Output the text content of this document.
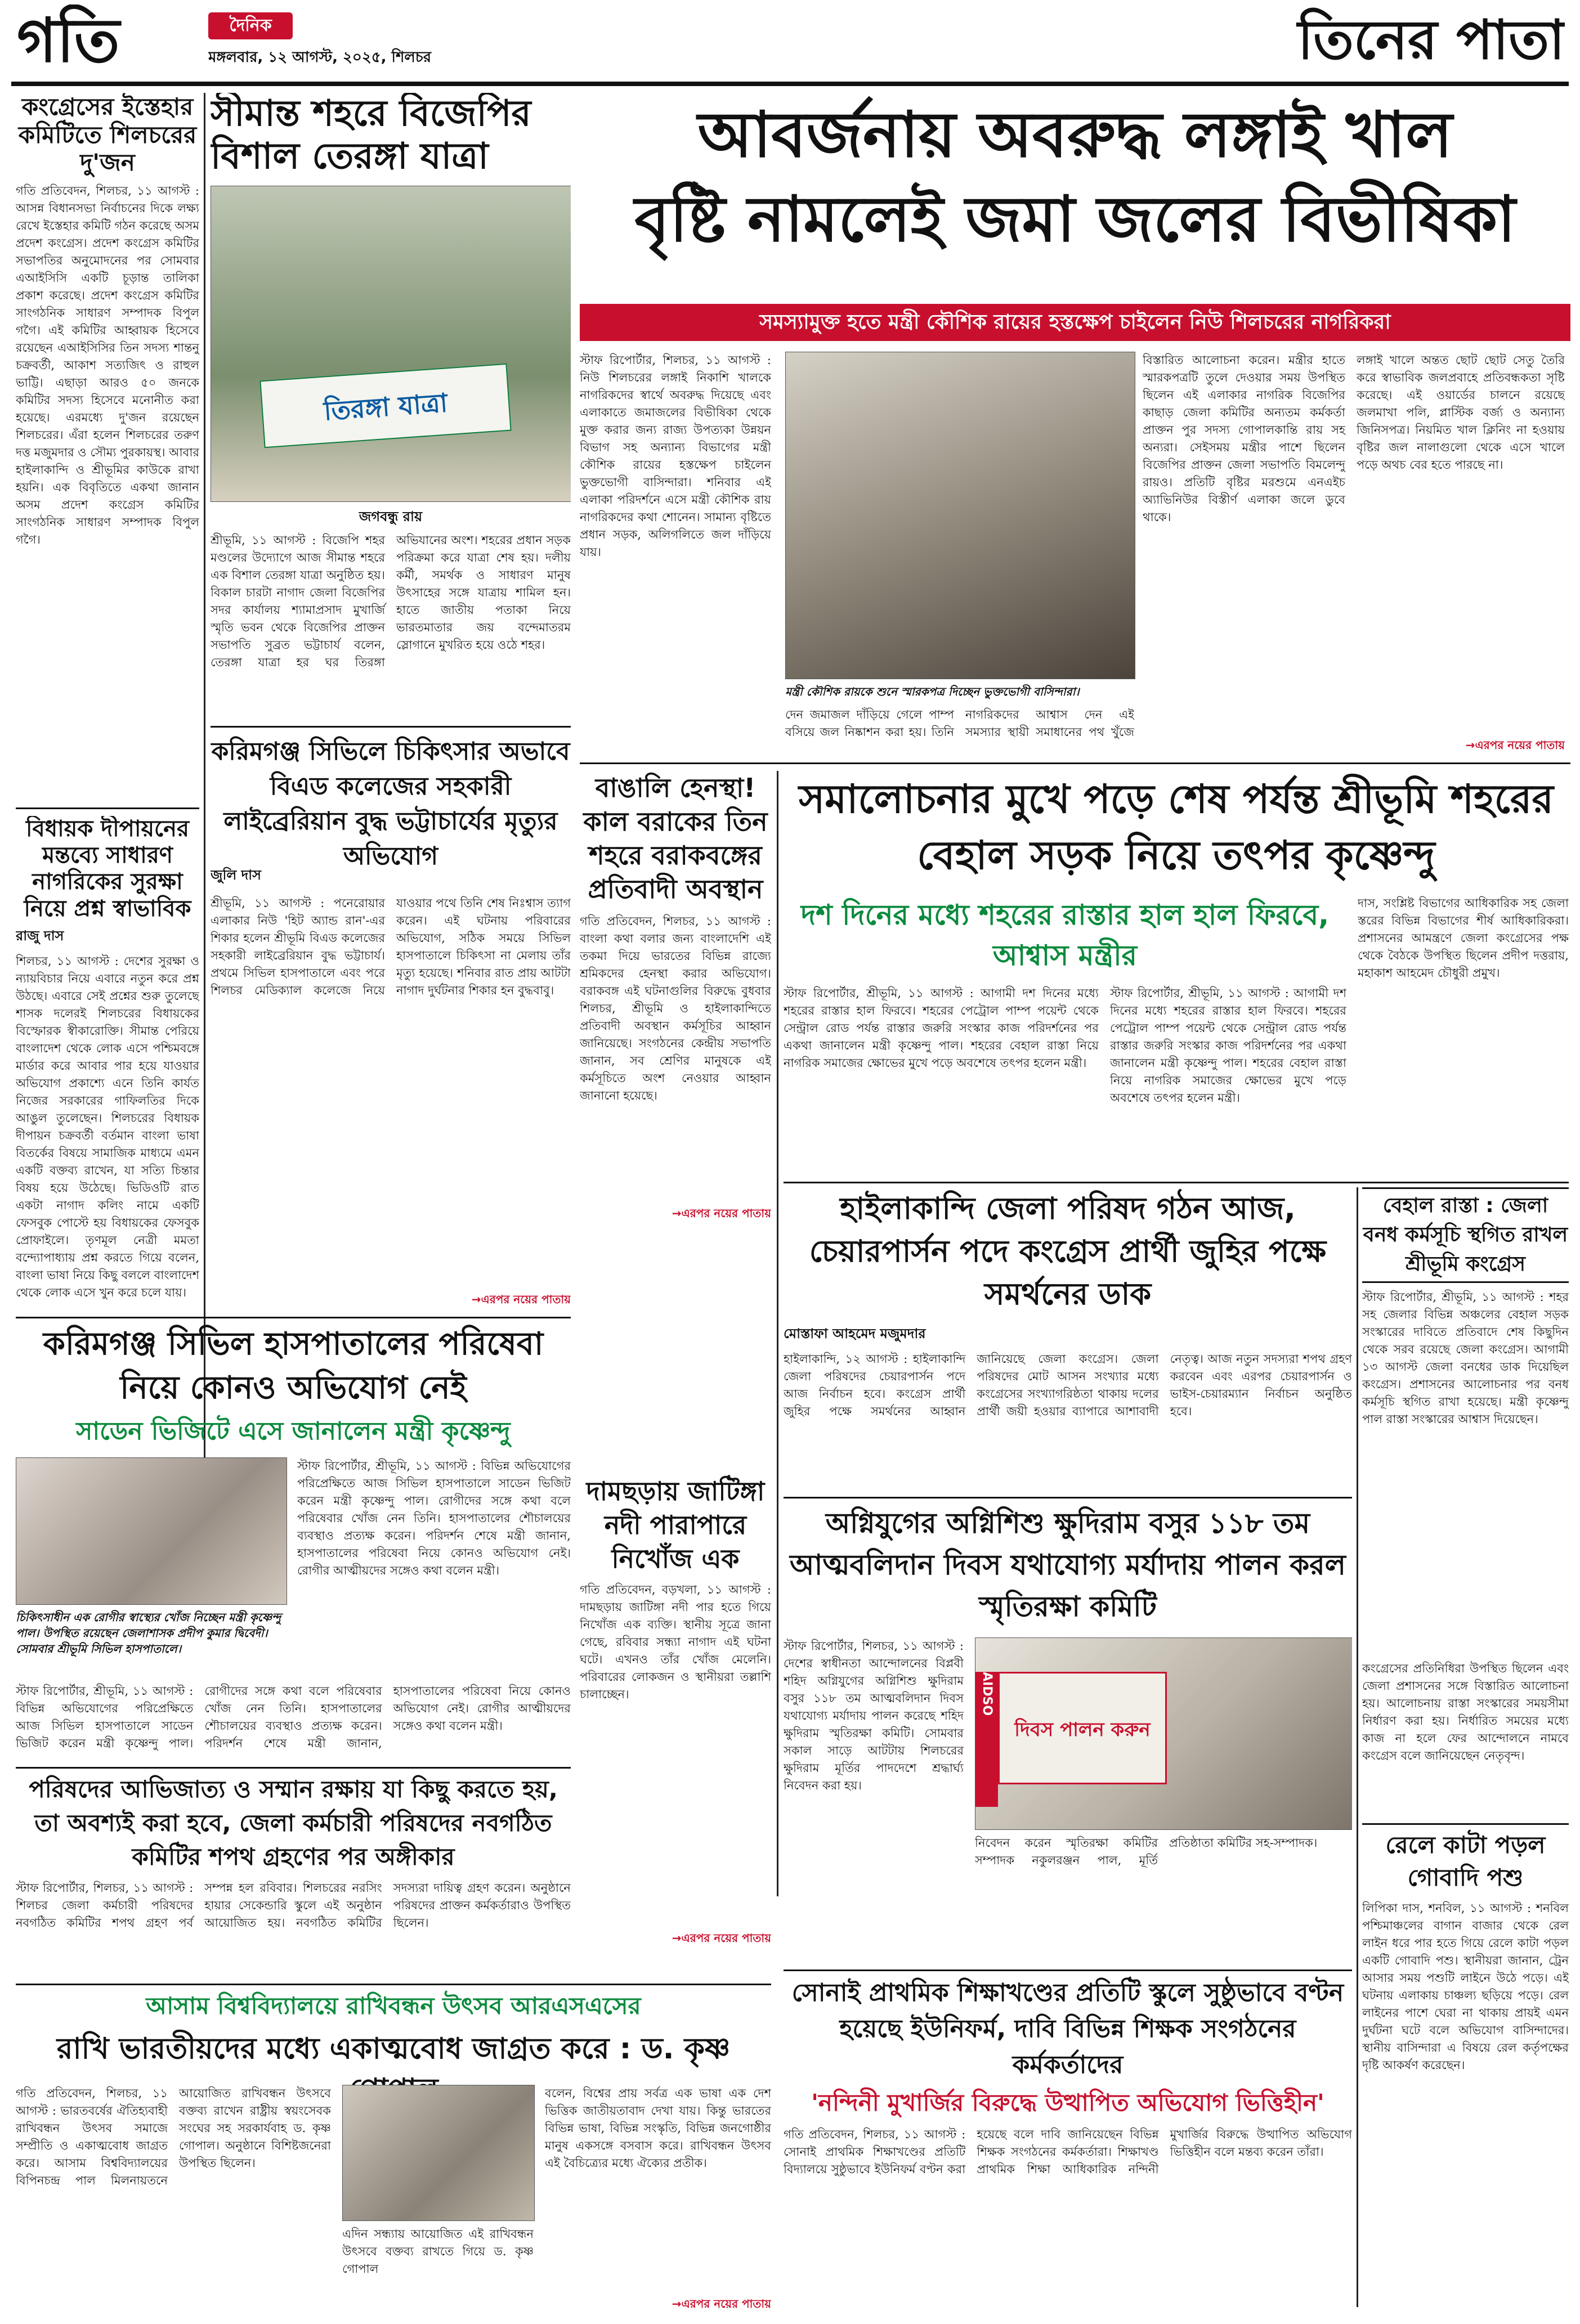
গতি	দৈনিক
মঙ্গলবার, ১২ আগস্ট, ২০২৫, শিলচর	তিনের পাতা
কংগ্রেসের ইস্তেহার কমিটিতে শিলচরের দু'জন
গতি প্রতিবেদন, শিলচর, ১১ আগস্ট : আসন্ন বিধানসভা নির্বাচনের দিকে লক্ষ্য রেখে ইস্তেহার কমিটি গঠন করেছে অসম প্রদেশ কংগ্রেস। প্রদেশ কংগ্রেস কমিটির সভাপতির অনুমোদনের পর সোমবার এআইসিসি একটি চূড়ান্ত তালিকা প্রকাশ করেছে। প্রদেশ কংগ্রেস কমিটির সাংগঠনিক সাধারণ সম্পাদক বিপুল গগৈ। এই কমিটির আহ্বায়ক হিসেবে রয়েছেন এআইসিসির তিন সদস্য শান্তনু চক্রবর্তী, আকাশ সত্যজিৎ ও রাহুল ভাট্টি। এছাড়া আরও ৫০ জনকে কমিটির সদস্য হিসেবে মনোনীত করা হয়েছে। এরমধ্যে দু'জন রয়েছেন শিলচরের। এঁরা হলেন শিলচরের তরুণ দত্ত মজুমদার ও সৌম্য পুরকায়স্থ। আবার হাইলাকান্দি ও শ্রীভূমির কাউকে রাখা হয়নি। এক বিবৃতিতে একথা জানান অসম প্রদেশ কংগ্রেস কমিটির সাংগঠনিক সাধারণ সম্পাদক বিপুল গগৈ।
বিধায়ক দীপায়নের মন্তব্যে সাধারণ নাগরিকের সুরক্ষা নিয়ে প্রশ্ন স্বাভাবিক
রাজু দাস
শিলচর, ১১ আগস্ট : দেশের সুরক্ষা ও ন্যায়বিচার নিয়ে এবারে নতুন করে প্রশ্ন উঠছে। এবারে সেই প্রশ্নের শুরু তুলেছে শাসক দলেরই শিলচরের বিধায়কের বিস্ফোরক স্বীকারোক্তি। সীমান্ত পেরিয়ে বাংলাদেশ থেকে লোক এসে পশ্চিমবঙ্গে মার্ডার করে আবার পার হয়ে যাওয়ার অভিযোগ প্রকাশ্যে এনে তিনি কার্যত নিজের সরকারের গাফিলতির দিকে আঙুল তুলেছেন। শিলচরের বিধায়ক দীপায়ন চক্রবর্তী বর্তমান বাংলা ভাষা বিতর্কের বিষয়ে সামাজিক মাধ্যমে এমন একটি বক্তব্য রাখেন, যা সত্যি চিন্তার বিষয় হয়ে উঠেছে। ভিডিওটি রাত একটা নাগাদ কলিং নামে একটি ফেসবুক পোস্টে হয় বিধায়কের ফেসবুক প্রোফাইলে। তৃণমূল নেত্রী মমতা বন্দ্যোপাধ্যায় প্রশ্ন করতে গিয়ে বলেন, বাংলা ভাষা নিয়ে কিছু বললে বাংলাদেশ থেকে লোক এসে খুন করে চলে যায়।
সীমান্ত শহরে বিজেপির বিশাল তেরঙ্গা যাত্রা
তিরঙ্গা যাত্রা
জগবন্ধু রায়
শ্রীভূমি, ১১ আগস্ট : বিজেপি শহর মণ্ডলের উদ্যোগে আজ সীমান্ত শহরে এক বিশাল তেরঙ্গা যাত্রা অনুষ্ঠিত হয়। বিকাল চারটা নাগাদ জেলা বিজেপির সদর কার্যালয় শ্যামাপ্রসাদ মুখার্জি স্মৃতি ভবন থেকে বিজেপির প্রাক্তন সভাপতি সুব্রত ভট্টাচার্য বলেন, তেরঙ্গা যাত্রা হর ঘর তিরঙ্গা অভিযানের অংশ। শহরের প্রধান সড়ক পরিক্রমা করে যাত্রা শেষ হয়। দলীয় কর্মী, সমর্থক ও সাধারণ মানুষ উৎসাহের সঙ্গে যাত্রায় শামিল হন। হাতে জাতীয় পতাকা নিয়ে ভারতমাতার জয় বন্দেমাতরম স্লোগানে মুখরিত হয়ে ওঠে শহর।
আবর্জনায় অবরুদ্ধ লঙ্গাই খাল
বৃষ্টি নামলেই জমা জলের বিভীষিকা
সমস্যামুক্ত হতে মন্ত্রী কৌশিক রায়ের হস্তক্ষেপ চাইলেন নিউ শিলচরের নাগরিকরা
স্টাফ রিপোর্টার, শিলচর, ১১ আগস্ট : নিউ শিলচরের লঙ্গাই নিকাশি খালকে নাগরিকদের স্বার্থে অবরুদ্ধ দিয়েছে এবং এলাকাতে জমাজলের বিভীষিকা থেকে মুক্ত করার জন্য রাজ্য উপত্যকা উন্নয়ন বিভাগ সহ অন্যান্য বিভাগের মন্ত্রী কৌশিক রায়ের হস্তক্ষেপ চাইলেন ভুক্তভোগী বাসিন্দারা। শনিবার এই এলাকা পরিদর্শনে এসে মন্ত্রী কৌশিক রায় নাগরিকদের কথা শোনেন। সামান্য বৃষ্টিতে প্রধান সড়ক, অলিগলিতে জল দাঁড়িয়ে যায়।
মন্ত্রী কৌশিক রায়কে শুনে স্মারকপত্র দিচ্ছেন ভুক্তভোগী বাসিন্দারা।
দেন জমাজল দাঁড়িয়ে গেলে পাম্প বসিয়ে জল নিষ্কাশন করা হয়। তিনি নাগরিকদের আশ্বাস দেন এই সমস্যার স্থায়ী সমাধানের পথ খুঁজে
বিস্তারিত আলোচনা করেন। মন্ত্রীর হাতে স্মারকপত্রটি তুলে দেওয়ার সময় উপস্থিত ছিলেন এই এলাকার নাগরিক বিজেপির কাছাড় জেলা কমিটির অন্যতম কর্মকর্তা প্রাক্তন পুর সদস্য গোপালকান্তি রায় সহ অন্যরা। সেইসময় মন্ত্রীর পাশে ছিলেন বিজেপির প্রাক্তন জেলা সভাপতি বিমলেন্দু রায়ও। প্রতিটি বৃষ্টির মরশুমে এনএইচ অ্যাভিনিউর বিস্তীর্ণ এলাকা জলে ডুবে থাকে।
লঙ্গাই খালে অন্তত ছোট ছোট সেতু তৈরি করে স্বাভাবিক জলপ্রবাহে প্রতিবন্ধকতা সৃষ্টি করেছে। এই ওয়ার্ডের চালনে রয়েছে জলমাখা পলি, প্লাস্টিক বর্জ্য ও অন্যান্য জিনিসপত্র। নিয়মিত খাল ক্লিনিং না হওয়ায় বৃষ্টির জল নালাগুলো থেকে এসে খালে পড়ে অথচ বের হতে পারছে না।
→এরপর নয়ের পাতায়
করিমগঞ্জ সিভিলে চিকিৎসার অভাবে বিএড কলেজের সহকারী লাইব্রেরিয়ান বুদ্ধ ভট্টাচার্যের মৃত্যুর অভিযোগ
জুলি দাস
শ্রীভূমি, ১১ আগস্ট : পনেরোয়ার এলাকার নিউ 'হিট অ্যান্ড রান'-এর শিকার হলেন শ্রীভূমি বিএড কলেজের সহকারী লাইব্রেরিয়ান বুদ্ধ ভট্টাচার্য। প্রথমে সিভিল হাসপাতালে এবং পরে শিলচর মেডিক্যাল কলেজে নিয়ে যাওয়ার পথে তিনি শেষ নিঃশ্বাস ত্যাগ করেন। এই ঘটনায় পরিবারের অভিযোগ, সঠিক সময়ে সিভিল হাসপাতালে চিকিৎসা না মেলায় তাঁর মৃত্যু হয়েছে। শনিবার রাত প্রায় আটটা নাগাদ দুর্ঘটনার শিকার হন বুদ্ধবাবু।
→এরপর নয়ের পাতায়
বাঙালি হেনস্থা! কাল বরাকের তিন শহরে বরাকবঙ্গের প্রতিবাদী অবস্থান
গতি প্রতিবেদন, শিলচর, ১১ আগস্ট : বাংলা কথা বলার জন্য বাংলাদেশি এই তকমা দিয়ে ভারতের বিভিন্ন রাজ্যে শ্রমিকদের হেনস্থা করার অভিযোগ। বরাকবঙ্গ এই ঘটনাগুলির বিরুদ্ধে বুধবার শিলচর, শ্রীভূমি ও হাইলাকান্দিতে প্রতিবাদী অবস্থান কর্মসূচির আহ্বান জানিয়েছে। সংগঠনের কেন্দ্রীয় সভাপতি জানান, সব শ্রেণির মানুষকে এই কর্মসূচিতে অংশ নেওয়ার আহ্বান জানানো হয়েছে।
→এরপর নয়ের পাতায়
সমালোচনার মুখে পড়ে শেষ পর্যন্ত শ্রীভূমি শহরের বেহাল সড়ক নিয়ে তৎপর কৃষ্ণেন্দু
স্টাফ রিপোর্টার, শ্রীভূমি, ১১ আগস্ট : আগামী দশ দিনের মধ্যে শহরের রাস্তার হাল ফিরবে। শহরের পেট্রোল পাম্প পয়েন্ট থেকে সেন্ট্রাল রোড পর্যন্ত রাস্তার জরুরি সংস্কার কাজ পরিদর্শনের পর একথা জানালেন মন্ত্রী কৃষ্ণেন্দু পাল। শহরের বেহাল রাস্তা নিয়ে নাগরিক সমাজের ক্ষোভের মুখে পড়ে অবশেষে তৎপর হলেন মন্ত্রী।
দশ দিনের মধ্যে শহরের রাস্তার হাল হাল ফিরবে, আশ্বাস মন্ত্রীর
স্টাফ রিপোর্টার, শ্রীভূমি, ১১ আগস্ট : আগামী দশ দিনের মধ্যে শহরের রাস্তার হাল ফিরবে। শহরের পেট্রোল পাম্প পয়েন্ট থেকে সেন্ট্রাল রোড পর্যন্ত রাস্তার জরুরি সংস্কার কাজ পরিদর্শনের পর একথা জানালেন মন্ত্রী কৃষ্ণেন্দু পাল। শহরের বেহাল রাস্তা নিয়ে নাগরিক সমাজের ক্ষোভের মুখে পড়ে অবশেষে তৎপর হলেন মন্ত্রী।
দাস, সংশ্লিষ্ট বিভাগের আধিকারিক সহ জেলা স্তরের বিভিন্ন বিভাগের শীর্ষ আধিকারিকরা। প্রশাসনের আমন্ত্রণে জেলা কংগ্রেসের পক্ষ থেকে বৈঠকে উপস্থিত ছিলেন প্রদীপ দত্তরায়, মহাকাশ আহমেদ চৌধুরী প্রমুখ।
হাইলাকান্দি জেলা পরিষদ গঠন আজ, চেয়ারপার্সন পদে কংগ্রেস প্রার্থী জুহির পক্ষে সমর্থনের ডাক
মোস্তাফা আহমেদ মজুমদার
হাইলাকান্দি, ১২ আগস্ট : হাইলাকান্দি জেলা পরিষদের চেয়ারপার্সন পদে আজ নির্বাচন হবে। কংগ্রেস প্রার্থী জুহির পক্ষে সমর্থনের আহ্বান জানিয়েছে জেলা কংগ্রেস। জেলা পরিষদের মোট আসন সংখ্যার মধ্যে কংগ্রেসের সংখ্যাগরিষ্ঠতা থাকায় দলের প্রার্থী জয়ী হওয়ার ব্যাপারে আশাবাদী নেতৃত্ব। আজ নতুন সদস্যরা শপথ গ্রহণ করবেন এবং এরপর চেয়ারপার্সন ও ভাইস-চেয়ারম্যান নির্বাচন অনুষ্ঠিত হবে।
বেহাল রাস্তা : জেলা বনধ কর্মসূচি স্থগিত রাখল শ্রীভূমি কংগ্রেস
স্টাফ রিপোর্টার, শ্রীভূমি, ১১ আগস্ট : শহর সহ জেলার বিভিন্ন অঞ্চলের বেহাল সড়ক সংস্কারের দাবিতে প্রতিবাদে শেষ কিছুদিন থেকে সরব রয়েছে জেলা কংগ্রেস। আগামী ১৩ আগস্ট জেলা বনধের ডাক দিয়েছিল কংগ্রেস। প্রশাসনের আলোচনার পর বনধ কর্মসূচি স্থগিত রাখা হয়েছে। মন্ত্রী কৃষ্ণেন্দু পাল রাস্তা সংস্কারের আশ্বাস দিয়েছেন।
কংগ্রেসের প্রতিনিধিরা উপস্থিত ছিলেন এবং জেলা প্রশাসনের সঙ্গে বিস্তারিত আলোচনা হয়। আলোচনায় রাস্তা সংস্কারের সময়সীমা নির্ধারণ করা হয়। নির্ধারিত সময়ের মধ্যে কাজ না হলে ফের আন্দোলনে নামবে কংগ্রেস বলে জানিয়েছেন নেতৃবৃন্দ।
রেলে কাটা পড়ল গোবাদি পশু
লিপিকা দাস, শনবিল, ১১ আগস্ট : শনবিল পশ্চিমাঞ্চলের বাগান বাজার থেকে রেল লাইন ধরে পার হতে গিয়ে রেলে কাটা পড়ল একটি গোবাদি পশু। স্থানীয়রা জানান, ট্রেন আসার সময় পশুটি লাইনে উঠে পড়ে। এই ঘটনায় এলাকায় চাঞ্চল্য ছড়িয়ে পড়ে। রেল লাইনের পাশে ঘেরা না থাকায় প্রায়ই এমন দুর্ঘটনা ঘটে বলে অভিযোগ বাসিন্দাদের। স্থানীয় বাসিন্দারা এ বিষয়ে রেল কর্তৃপক্ষের দৃষ্টি আকর্ষণ করেছেন।
করিমগঞ্জ সিভিল হাসপাতালের পরিষেবা নিয়ে কোনও অভিযোগ নেই
সাডেন ভিজিটে এসে জানালেন মন্ত্রী কৃষ্ণেন্দু
চিকিৎসাধীন এক রোগীর স্বাস্থ্যের খোঁজ নিচ্ছেন মন্ত্রী কৃষ্ণেন্দু পাল। উপস্থিত রয়েছেন জেলাশাসক প্রদীপ কুমার দ্বিবেদী। সোমবার শ্রীভূমি সিভিল হাসপাতালে।
স্টাফ রিপোর্টার, শ্রীভূমি, ১১ আগস্ট : বিভিন্ন অভিযোগের পরিপ্রেক্ষিতে আজ সিভিল হাসপাতালে সাডেন ভিজিট করেন মন্ত্রী কৃষ্ণেন্দু পাল। রোগীদের সঙ্গে কথা বলে পরিষেবার খোঁজ নেন তিনি। হাসপাতালের শৌচালয়ের ব্যবস্থাও প্রত্যক্ষ করেন। পরিদর্শন শেষে মন্ত্রী জানান, হাসপাতালের পরিষেবা নিয়ে কোনও অভিযোগ নেই। রোগীর আত্মীয়দের সঙ্গেও কথা বলেন মন্ত্রী।
স্টাফ রিপোর্টার, শ্রীভূমি, ১১ আগস্ট : বিভিন্ন অভিযোগের পরিপ্রেক্ষিতে আজ সিভিল হাসপাতালে সাডেন ভিজিট করেন মন্ত্রী কৃষ্ণেন্দু পাল। রোগীদের সঙ্গে কথা বলে পরিষেবার খোঁজ নেন তিনি। হাসপাতালের শৌচালয়ের ব্যবস্থাও প্রত্যক্ষ করেন। পরিদর্শন শেষে মন্ত্রী জানান, হাসপাতালের পরিষেবা নিয়ে কোনও অভিযোগ নেই। রোগীর আত্মীয়দের সঙ্গেও কথা বলেন মন্ত্রী।
দামছড়ায় জাটিঙ্গা নদী পারাপারে নিখোঁজ এক
গতি প্রতিবেদন, বড়খলা, ১১ আগস্ট : দামছড়ায় জাটিঙ্গা নদী পার হতে গিয়ে নিখোঁজ এক ব্যক্তি। স্থানীয় সূত্রে জানা গেছে, রবিবার সন্ধ্যা নাগাদ এই ঘটনা ঘটে। এখনও তাঁর খোঁজ মেলেনি। পরিবারের লোকজন ও স্থানীয়রা তল্লাশি চালাচ্ছেন।
→এরপর নয়ের পাতায়
পরিষদের আভিজাত্য ও সম্মান রক্ষায় যা কিছু করতে হয়, তা অবশ্যই করা হবে, জেলা কর্মচারী পরিষদের নবগঠিত কমিটির শপথ গ্রহণের পর অঙ্গীকার
স্টাফ রিপোর্টার, শিলচর, ১১ আগস্ট : শিলচর জেলা কর্মচারী পরিষদের নবগঠিত কমিটির শপথ গ্রহণ পর্ব সম্পন্ন হল রবিবার। শিলচরের নরসিং হায়ার সেকেন্ডারি স্কুলে এই অনুষ্ঠান আয়োজিত হয়। নবগঠিত কমিটির সদস্যরা দায়িত্ব গ্রহণ করেন। অনুষ্ঠানে পরিষদের প্রাক্তন কর্মকর্তারাও উপস্থিত ছিলেন।
অগ্নিযুগের অগ্নিশিশু ক্ষুদিরাম বসুর ১১৮ তম আত্মবলিদান দিবস যথাযোগ্য মর্যাদায় পালন করল স্মৃতিরক্ষা কমিটি
স্টাফ রিপোর্টার, শিলচর, ১১ আগস্ট : দেশের স্বাধীনতা আন্দোলনের বিপ্লবী শহিদ অগ্নিযুগের অগ্নিশিশু ক্ষুদিরাম বসুর ১১৮ তম আত্মবলিদান দিবস যথাযোগ্য মর্যাদায় পালন করেছে শহিদ ক্ষুদিরাম স্মৃতিরক্ষা কমিটি। সোমবার সকাল সাড়ে আটটায় শিলচরের ক্ষুদিরাম মূর্তির পাদদেশে শ্রদ্ধার্ঘ্য নিবেদন করা হয়।
দিবস পালন করুন
AIDSO
নিবেদন করেন স্মৃতিরক্ষা কমিটির সম্পাদক নকুলরঞ্জন পাল, মূর্তি প্রতিষ্ঠাতা কমিটির সহ-সম্পাদক।
সোনাই প্রাথমিক শিক্ষাখণ্ডের প্রতিটি স্কুলে সুষ্ঠুভাবে বণ্টন হয়েছে ইউনিফর্ম, দাবি বিভিন্ন শিক্ষক সংগঠনের কর্মকর্তাদের
'নন্দিনী মুখার্জির বিরুদ্ধে উত্থাপিত অভিযোগ ভিত্তিহীন'
গতি প্রতিবেদন, শিলচর, ১১ আগস্ট : সোনাই প্রাথমিক শিক্ষাখণ্ডের প্রতিটি বিদ্যালয়ে সুষ্ঠুভাবে ইউনিফর্ম বণ্টন করা হয়েছে বলে দাবি জানিয়েছেন বিভিন্ন শিক্ষক সংগঠনের কর্মকর্তারা। শিক্ষাখণ্ড প্রাথমিক শিক্ষা আধিকারিক নন্দিনী মুখার্জির বিরুদ্ধে উত্থাপিত অভিযোগ ভিত্তিহীন বলে মন্তব্য করেন তাঁরা।
আসাম বিশ্ববিদ্যালয়ে রাখিবন্ধন উৎসব আরএসএসের
রাখি ভারতীয়দের মধ্যে একাত্মবোধ জাগ্রত করে : ড. কৃষ্ণ
গতি প্রতিবেদন, শিলচর, ১১ আগস্ট : ভারতবর্ষের ঐতিহ্যবাহী রাখিবন্ধন উৎসব সমাজে সম্প্রীতি ও একাত্মবোধ জাগ্রত করে। আসাম বিশ্ববিদ্যালয়ের বিপিনচন্দ্র পাল মিলনায়তনে আয়োজিত রাখিবন্ধন উৎসবে বক্তব্য রাখেন রাষ্ট্রীয় স্বয়ংসেবক সংঘের সহ সরকার্যবাহ ড. কৃষ্ণ গোপাল। অনুষ্ঠানে বিশিষ্টজনেরা উপস্থিত ছিলেন।
এদিন সন্ধ্যায় আয়োজিত এই রাখিবন্ধন উৎসবে বক্তব্য রাখতে গিয়ে ড. কৃষ্ণ গোপাল
বলেন, বিশ্বের প্রায় সর্বত্র এক ভাষা এক দেশ ভিত্তিক জাতীয়তাবাদ দেখা যায়। কিন্তু ভারতের বিভিন্ন ভাষা, বিভিন্ন সংস্কৃতি, বিভিন্ন জনগোষ্ঠীর মানুষ একসঙ্গে বসবাস করে। রাখিবন্ধন উৎসব এই বৈচিত্র্যের মধ্যে ঐক্যের প্রতীক।
→এরপর নয়ের পাতায়
